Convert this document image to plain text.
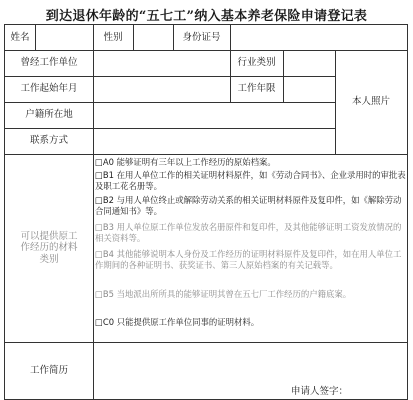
到达退休年龄的“五七工”纳入基本养老保险申请登记表
姓名	性别	身份证号
曾经工作单位	行业类别
本人照片
工作起始年月	工作年限
户籍所在地
联系方式
可以提供原工作经历的材料类别
□A0 能够证明有三年以上工作经历的原始档案。
□B1 在用人单位工作的相关证明材料原件，如《劳动合同书》、企业录用时的审批表及职工花名册等。
□B2 与用人单位终止或解除劳动关系的相关证明材料原件及复印件，如《解除劳动合同通知书》等。
□B3 用人单位原工作单位发放名册原件和复印件，及其他能够证明工资发放情况的相关资料等。
□B4 其他能够说明本人身份及工作经历的证明材料原件及复印件，如在用人单位工作期间的各种证明书、获奖证书、第三人原始档案的有关记载等。
□B5 当地派出所所具的能够证明其曾在五七厂工作经历的户籍底案。
□C0 只能提供原工作单位同事的证明材料。
工作简历
申请人签字：
